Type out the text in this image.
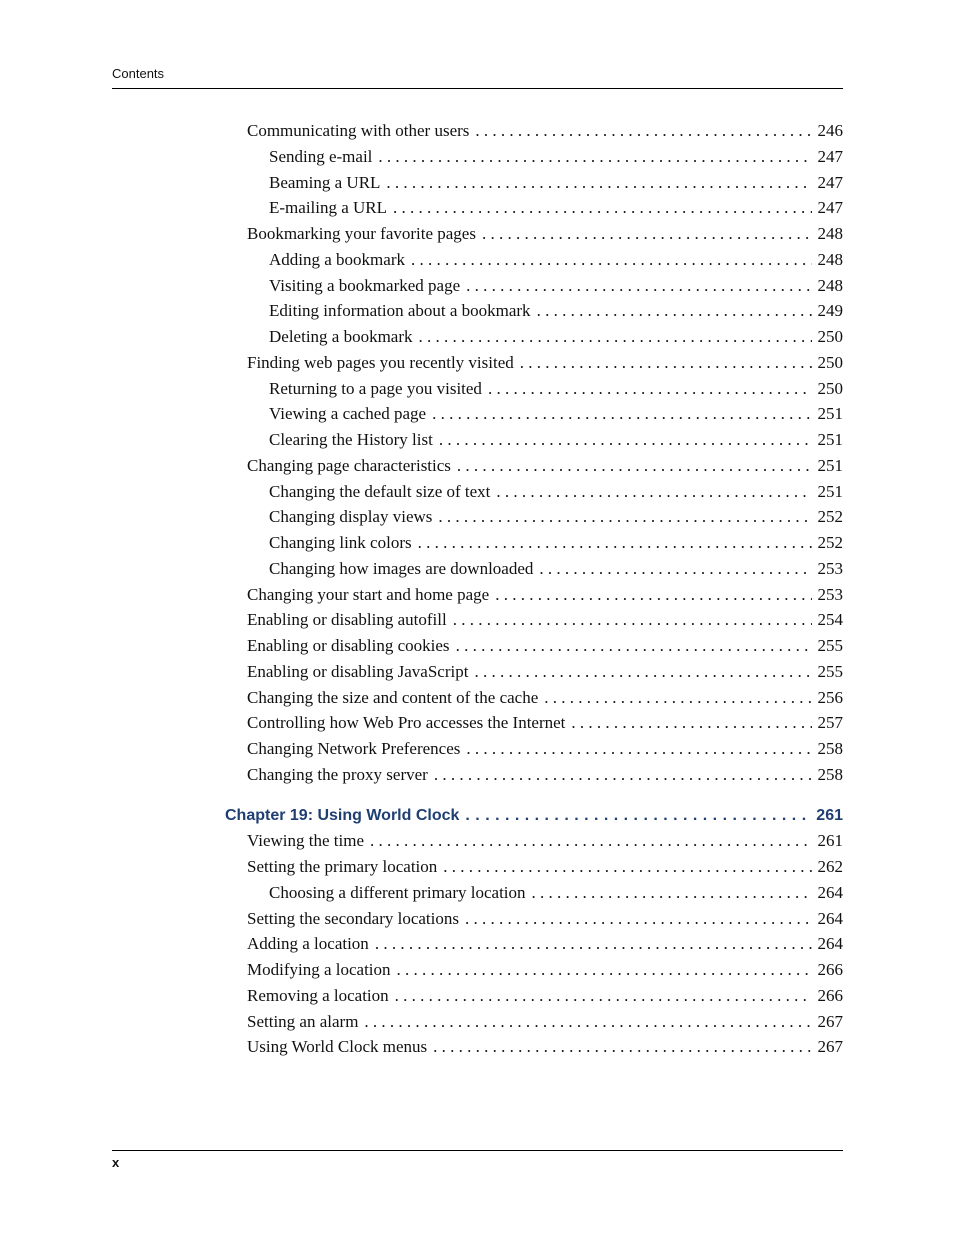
Contents
Communicating with other users . . .	246
Sending e-mail . . .	247
Beaming a URL . . .	247
E-mailing a URL . . .	247
Bookmarking your favorite pages . . .	248
Adding a bookmark . . .	248
Visiting a bookmarked page . . .	248
Editing information about a bookmark . . .	249
Deleting a bookmark . . .	250
Finding web pages you recently visited . . .	250
Returning to a page you visited . . .	250
Viewing a cached page . . .	251
Clearing the History list . . .	251
Changing page characteristics . . .	251
Changing the default size of text . . .	251
Changing display views . . .	252
Changing link colors . . .	252
Changing how images are downloaded . . .	253
Changing your start and home page . . .	253
Enabling or disabling autofill . . .	254
Enabling or disabling cookies . . .	255
Enabling or disabling JavaScript . . .	255
Changing the size and content of the cache . . .	256
Controlling how Web Pro accesses the Internet . . .	257
Changing Network Preferences . . .	258
Changing the proxy server . . .	258
Chapter 19: Using World Clock . . .	261
Viewing the time . . .	261
Setting the primary location . . .	262
Choosing a different primary location . . .	264
Setting the secondary locations . . .	264
Adding a location . . .	264
Modifying a location . . .	266
Removing a location . . .	266
Setting an alarm . . .	267
Using World Clock menus . . .	267
x
